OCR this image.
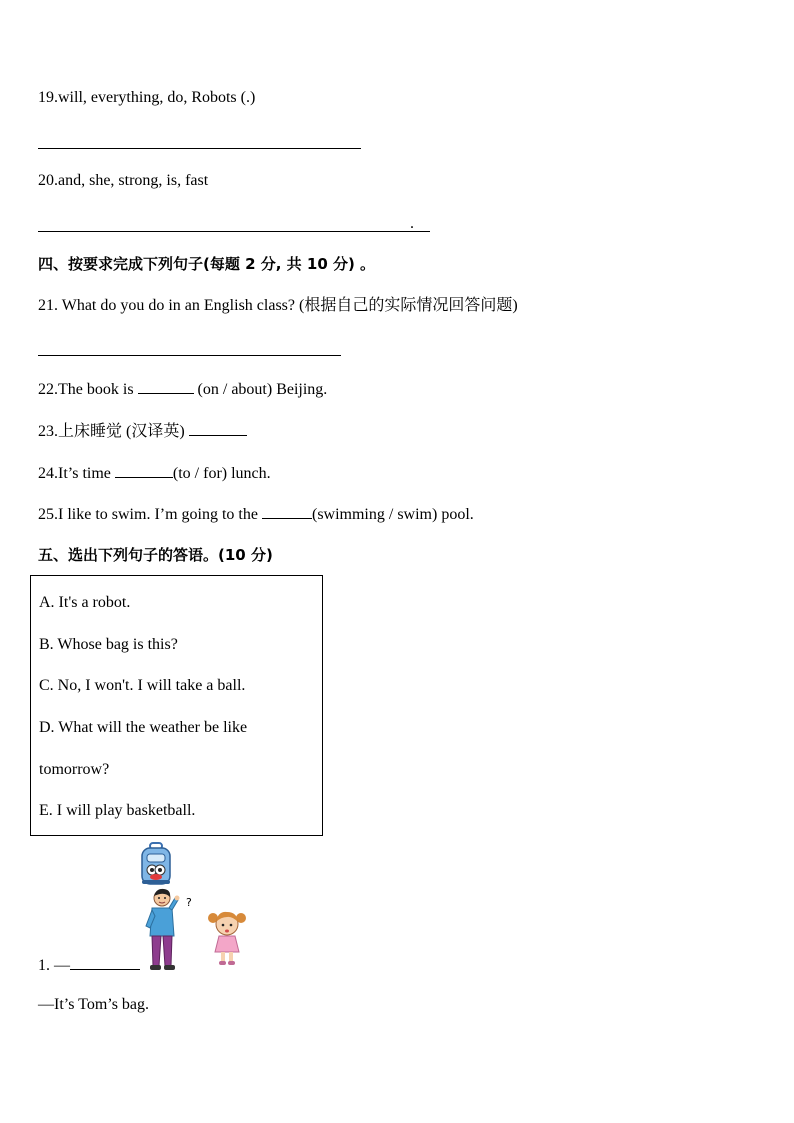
19.will, everything, do, Robots (.)
20.and, she, strong, is, fast
.
四、按要求完成下列句子(每题 2 分, 共 10 分) 。
21. What do you do in an English class? (根据自己的实际情况回答问题)
22.The book is	(on / about) Beijing.
23.上床睡觉 (汉译英)
24.It’s time	(to / for) lunch.
25.I like to swim. I’m going to the	(swimming / swim) pool.
五、选出下列句子的答语。(10 分)
A. It's a robot.
B. Whose bag is this?
C. No, I won't. I will take a ball.
D. What will the weather be like
tomorrow?
E. I will play basketball.
?
1. —
—It’s Tom’s bag.
